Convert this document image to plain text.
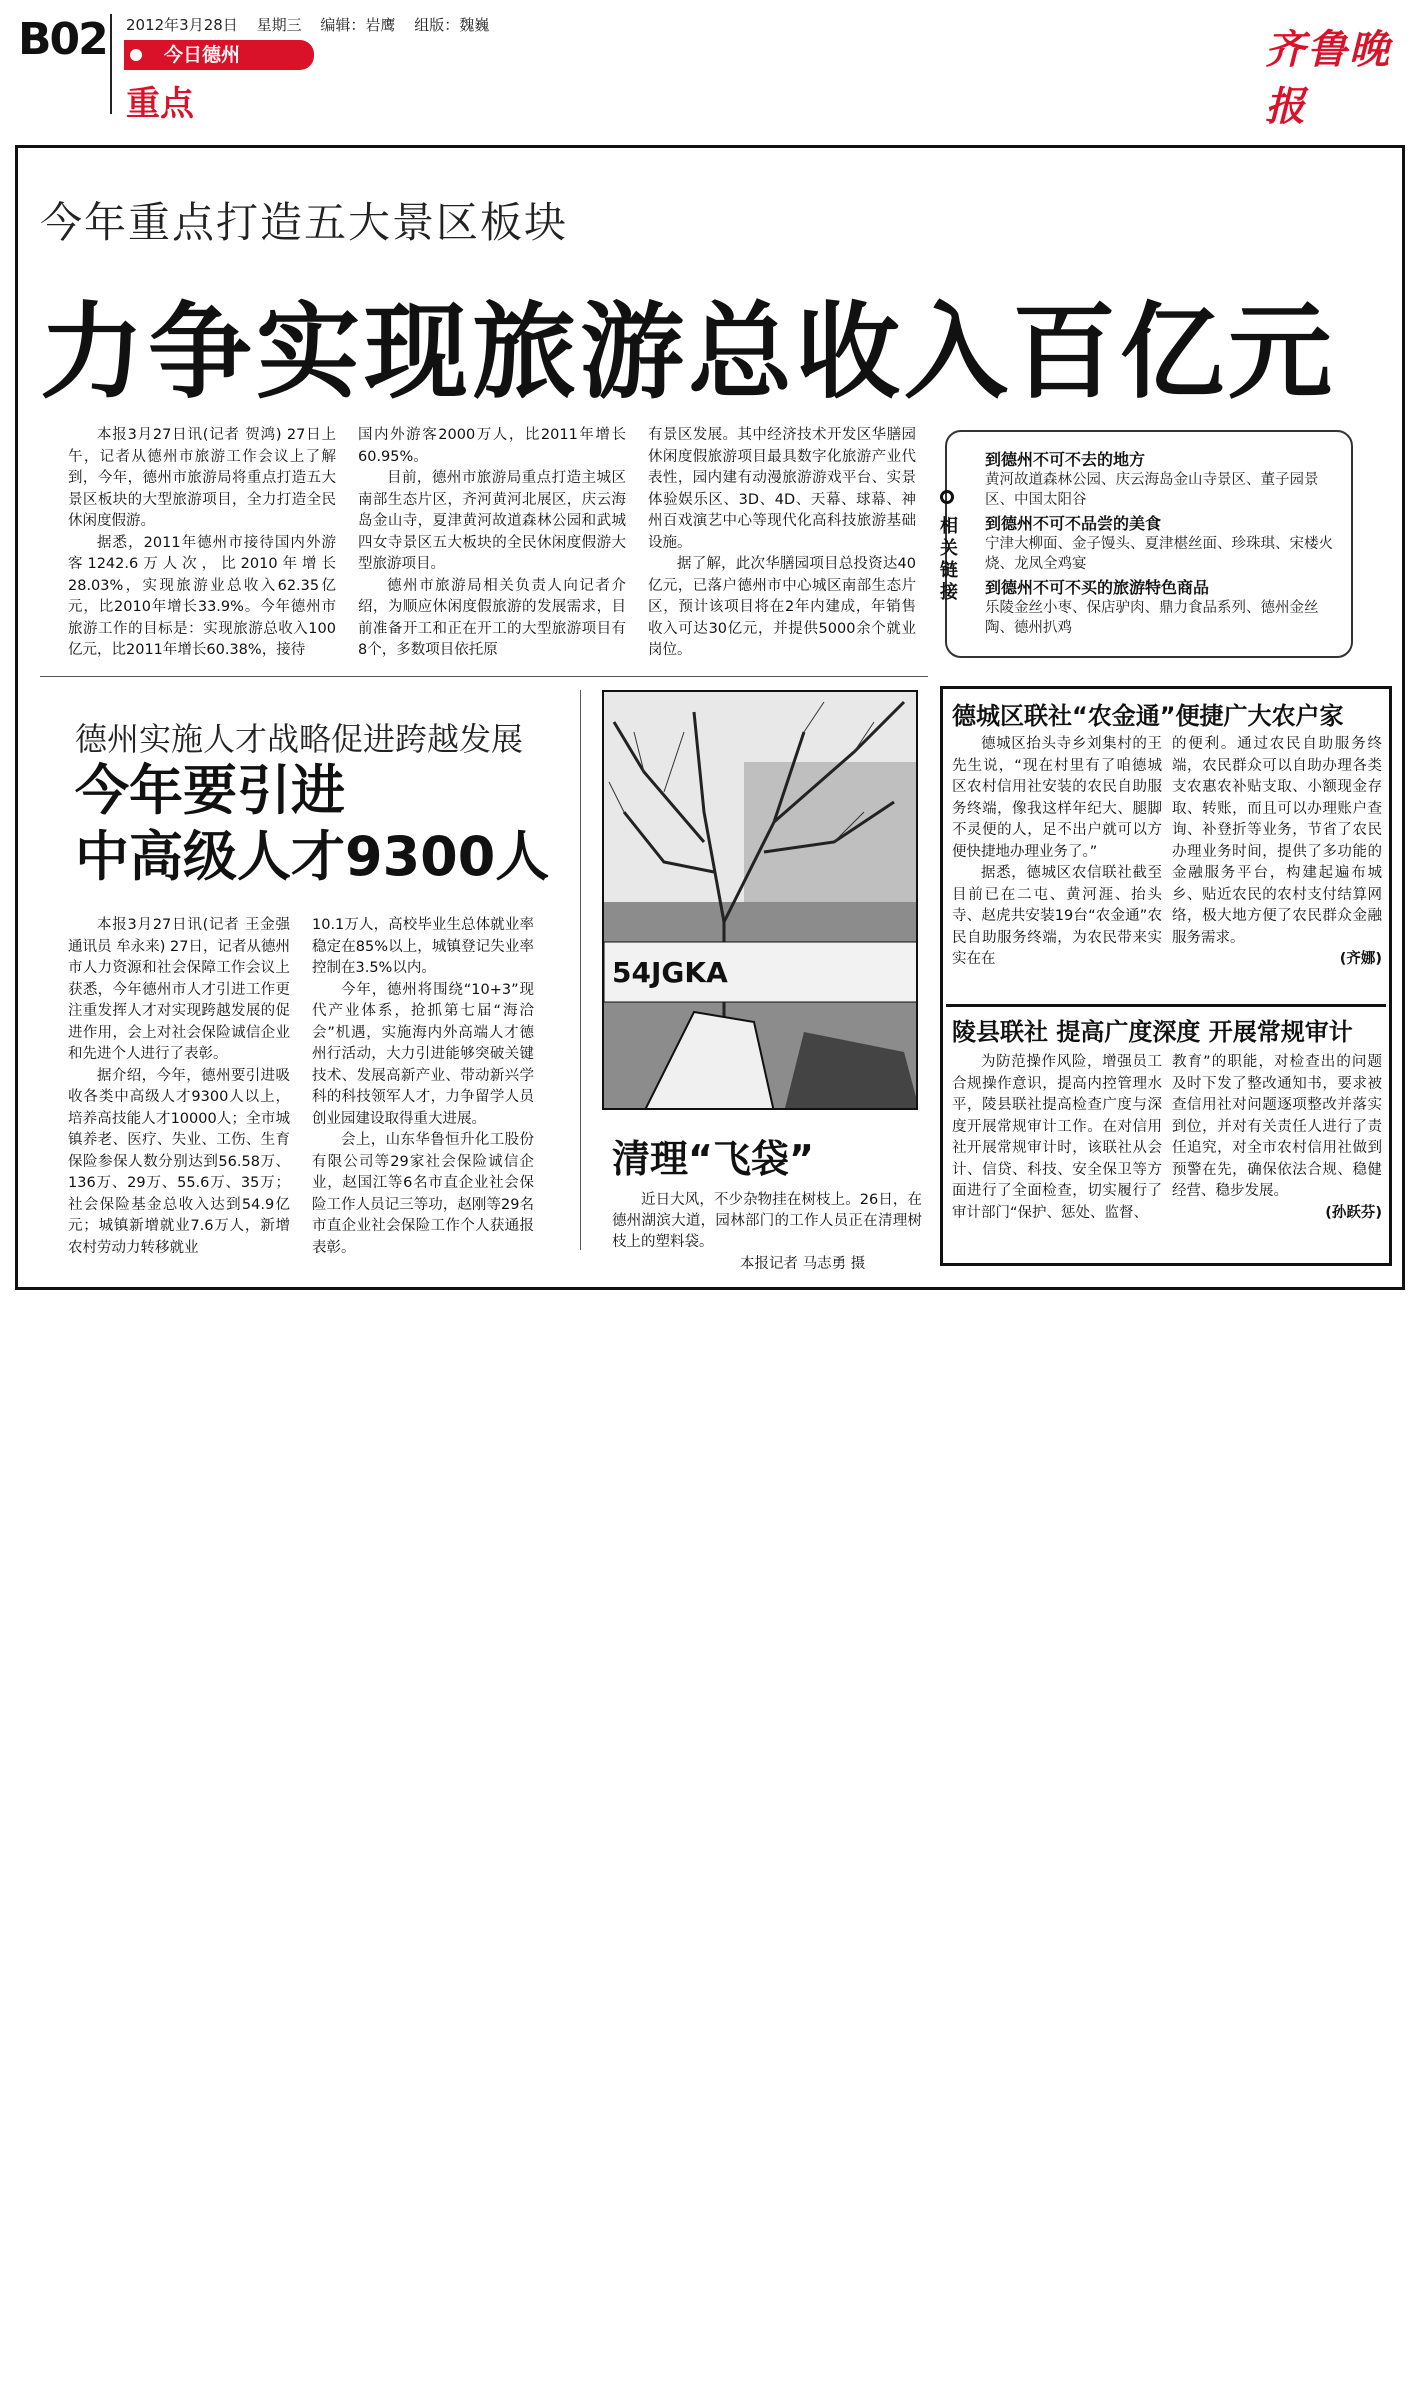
B02 2012年3月28日 星期三 编辑：岩鹰 组版：魏巍
今日德州
重点
齐鲁晚报
今年重点打造五大景区板块
力争实现旅游总收入百亿元

本报3月27日讯(记者 贺鸿) 27日上午，记者从德州市旅游工作会议上了解到，今年，德州市旅游局将重点打造五大景区板块的大型旅游项目，全力打造全民休闲度假游。

据悉，2011年德州市接待国内外游客1242.6万人次，比2010年增长28.03%，实现旅游业总收入62.35亿元，比2010年增长33.9%。今年德州市旅游工作的目标是：实现旅游总收入100亿元，比2011年增长60.38%，接待

国内外游客2000万人，比2011年增长60.95%。

目前，德州市旅游局重点打造主城区南部生态片区，齐河黄河北展区，庆云海岛金山寺，夏津黄河故道森林公园和武城四女寺景区五大板块的全民休闲度假游大型旅游项目。

德州市旅游局相关负责人向记者介绍，为顺应休闲度假旅游的发展需求，目前准备开工和正在开工的大型旅游项目有8个，多数项目依托原

有景区发展。其中经济技术开发区华膳园休闲度假旅游项目最具数字化旅游产业代表性，园内建有动漫旅游游戏平台、实景体验娱乐区、3D、4D、天幕、球幕、神州百戏演艺中心等现代化高科技旅游基础设施。

据了解，此次华膳园项目总投资达40亿元，已落户德州市中心城区南部生态片区，预计该项目将在2年内建成，年销售收入可达30亿元，并提供5000余个就业岗位。

相关链接
到德州不可不去的地方
黄河故道森林公园、庆云海岛金山寺景区、董子园景区、中国太阳谷
到德州不可不品尝的美食
宁津大柳面、金子馒头、夏津椹丝面、珍珠琪、宋楼火烧、龙凤全鸡宴
到德州不可不买的旅游特色商品
乐陵金丝小枣、保店驴肉、鼎力食品系列、德州金丝陶、德州扒鸡
德州实施人才战略促进跨越发展
今年要引进
中高级人才9300人

本报3月27日讯(记者 王金强 通讯员 牟永来) 27日，记者从德州市人力资源和社会保障工作会议上获悉，今年德州市人才引进工作更注重发挥人才对实现跨越发展的促进作用，会上对社会保险诚信企业和先进个人进行了表彰。

据介绍，今年，德州要引进吸收各类中高级人才9300人以上，培养高技能人才10000人；全市城镇养老、医疗、失业、工伤、生育保险参保人数分别达到56.58万、136万、29万、55.6万、35万；社会保险基金总收入达到54.9亿元；城镇新增就业7.6万人，新增农村劳动力转移就业

10.1万人，高校毕业生总体就业率稳定在85%以上，城镇登记失业率控制在3.5%以内。

今年，德州将围绕“10+3”现代产业体系，抢抓第七届“海洽会”机遇，实施海内外高端人才德州行活动，大力引进能够突破关键技术、发展高新产业、带动新兴学科的科技领军人才，力争留学人员创业园建设取得重大进展。

会上，山东华鲁恒升化工股份有限公司等29家社会保险诚信企业，赵国江等6名市直企业社会保险工作人员记三等功，赵刚等29名市直企业社会保险工作个人获通报表彰。

54JGKA
清理“飞袋”

近日大风，不少杂物挂在树枝上。26日，在德州湖滨大道，园林部门的工作人员正在清理树枝上的塑料袋。

本报记者 马志勇 摄
德城区联社“农金通”便捷广大农户家

德城区抬头寺乡刘集村的王先生说，“现在村里有了咱德城区农村信用社安装的农民自助服务终端，像我这样年纪大、腿脚不灵便的人，足不出户就可以方便快捷地办理业务了。”

据悉，德城区农信联社截至目前已在二屯、黄河涯、抬头寺、赵虎共安装19台“农金通”农民自助服务终端，为农民带来实实在在

的便利。通过农民自助服务终端，农民群众可以自助办理各类支农惠农补贴支取、小额现金存取、转账，而且可以办理账户查询、补登折等业务，节省了农民办理业务时间，提供了多功能的金融服务平台，构建起遍布城乡、贴近农民的农村支付结算网络，极大地方便了农民群众金融服务需求。

(齐娜)
陵县联社 提高广度深度 开展常规审计

为防范操作风险，增强员工合规操作意识，提高内控管理水平，陵县联社提高检查广度与深度开展常规审计工作。在对信用社开展常规审计时，该联社从会计、信贷、科技、安全保卫等方面进行了全面检查，切实履行了审计部门“保护、惩处、监督、

教育”的职能，对检查出的问题及时下发了整改通知书，要求被查信用社对问题逐项整改并落实到位，并对有关责任人进行了责任追究，对全市农村信用社做到预警在先，确保依法合规、稳健经营、稳步发展。

(孙跃芬)
